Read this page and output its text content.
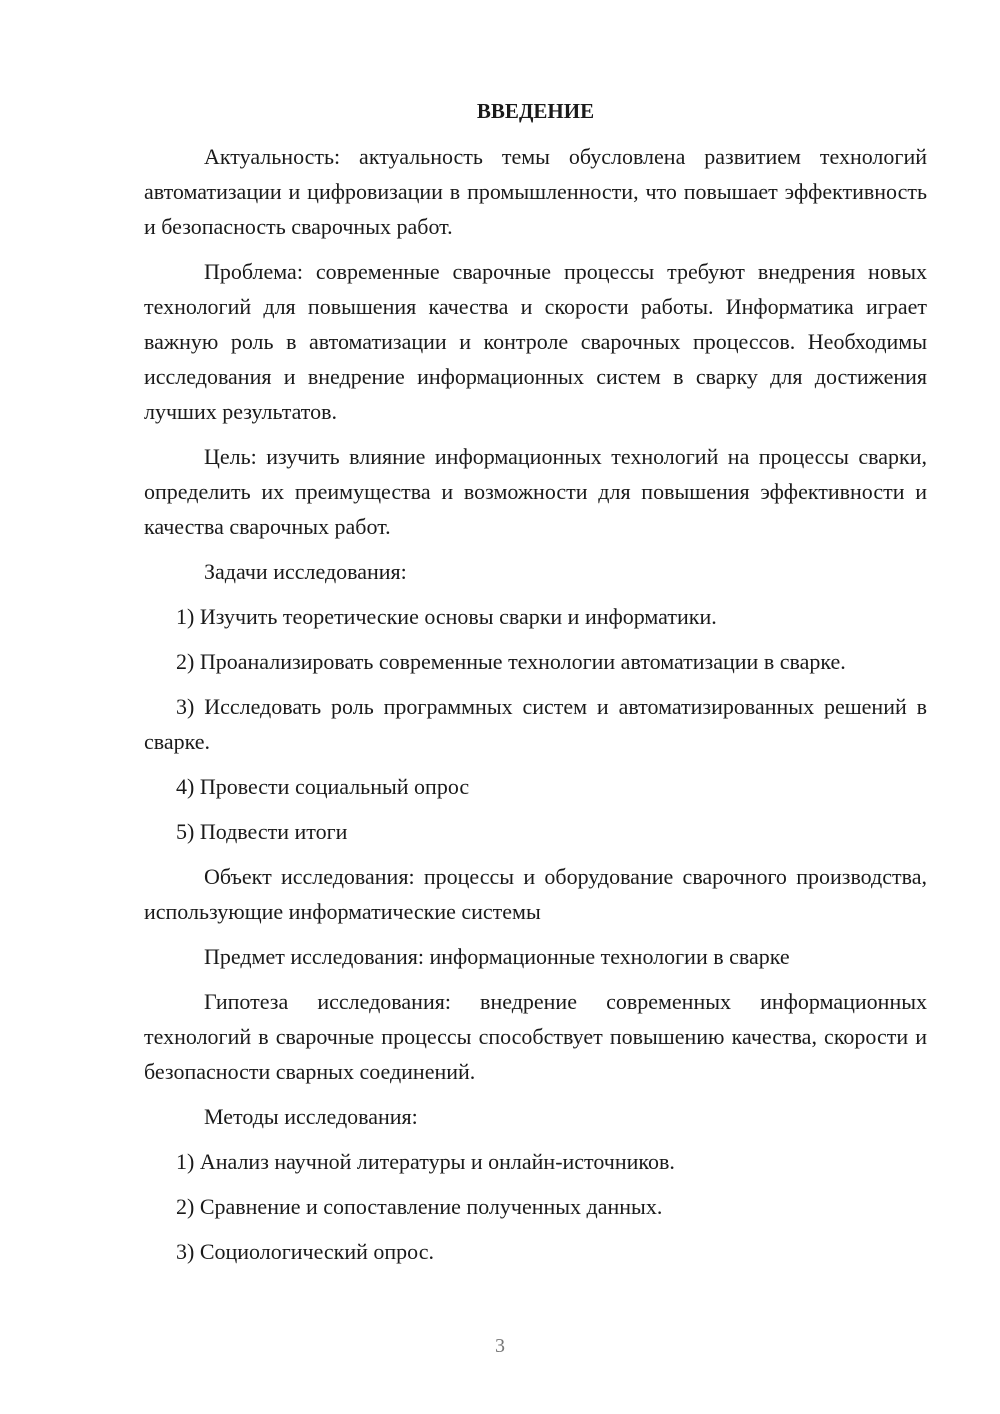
ВВЕДЕНИЕ

Актуальность: актуальность темы обусловлена развитием технологий автоматизации и цифровизации в промышленности, что повышает эффективность и безопасность сварочных работ.

Проблема: современные сварочные процессы требуют внедрения новых технологий для повышения качества и скорости работы. Информатика играет важную роль в автоматизации и контроле сварочных процессов. Необходимы исследования и внедрение информационных систем в сварку для достижения лучших результатов.

Цель: изучить влияние информационных технологий на процессы сварки, определить их преимущества и возможности для повышения эффективности и качества сварочных работ.

Задачи исследования:

1) Изучить теоретические основы сварки и информатики.

2) Проанализировать современные технологии автоматизации в сварке.

3) Исследовать роль программных систем и автоматизированных решений в сварке.

4) Провести социальный опрос

5) Подвести итоги

Объект исследования: процессы и оборудование сварочного производства, использующие информатические системы

Предмет исследования: информационные технологии в сварке

Гипотеза исследования: внедрение современных информационных технологий в сварочные процессы способствует повышению качества, скорости и безопасности сварных соединений.

Методы исследования:

1) Анализ научной литературы и онлайн-источников.

2) Сравнение и сопоставление полученных данных.

3) Социологический опрос.

3
